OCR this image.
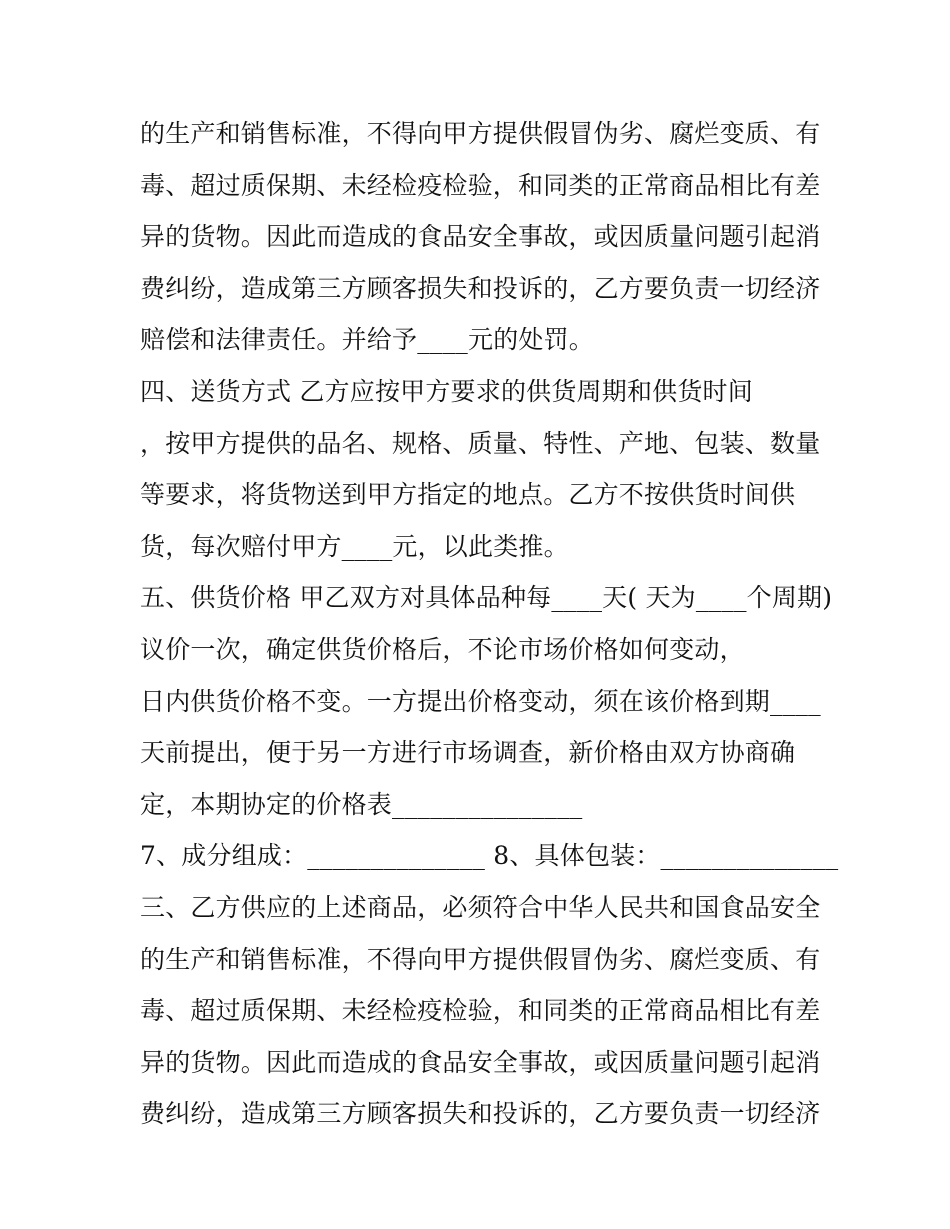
的生产和销售标准，不得向甲方提供假冒伪劣、腐烂变质、有
毒、超过质保期、未经检疫检验，和同类的正常商品相比有差
异的货物。因此而造成的食品安全事故，或因质量问题引起消
费纠纷，造成第三方顾客损失和投诉的，乙方要负责一切经济
赔偿和法律责任。并给予____元的处罚。
四、送货方式 乙方应按甲方要求的供货周期和供货时间
，按甲方提供的品名、规格、质量、特性、产地、包装、数量
等要求，将货物送到甲方指定的地点。乙方不按供货时间供
货，每次赔付甲方____元，以此类推。
五、供货价格 甲乙双方对具体品种每____天( 天为____个周期)
议价一次，确定供货价格后，不论市场价格如何变动，
日内供货价格不变。一方提出价格变动，须在该价格到期____
天前提出，便于另一方进行市场调查，新价格由双方协商确
定，本期协定的价格表_______________
7、成分组成：______________ 8、具体包装：______________
三、乙方供应的上述商品，必须符合中华人民共和国食品安全
的生产和销售标准，不得向甲方提供假冒伪劣、腐烂变质、有
毒、超过质保期、未经检疫检验，和同类的正常商品相比有差
异的货物。因此而造成的食品安全事故，或因质量问题引起消
费纠纷，造成第三方顾客损失和投诉的，乙方要负责一切经济
